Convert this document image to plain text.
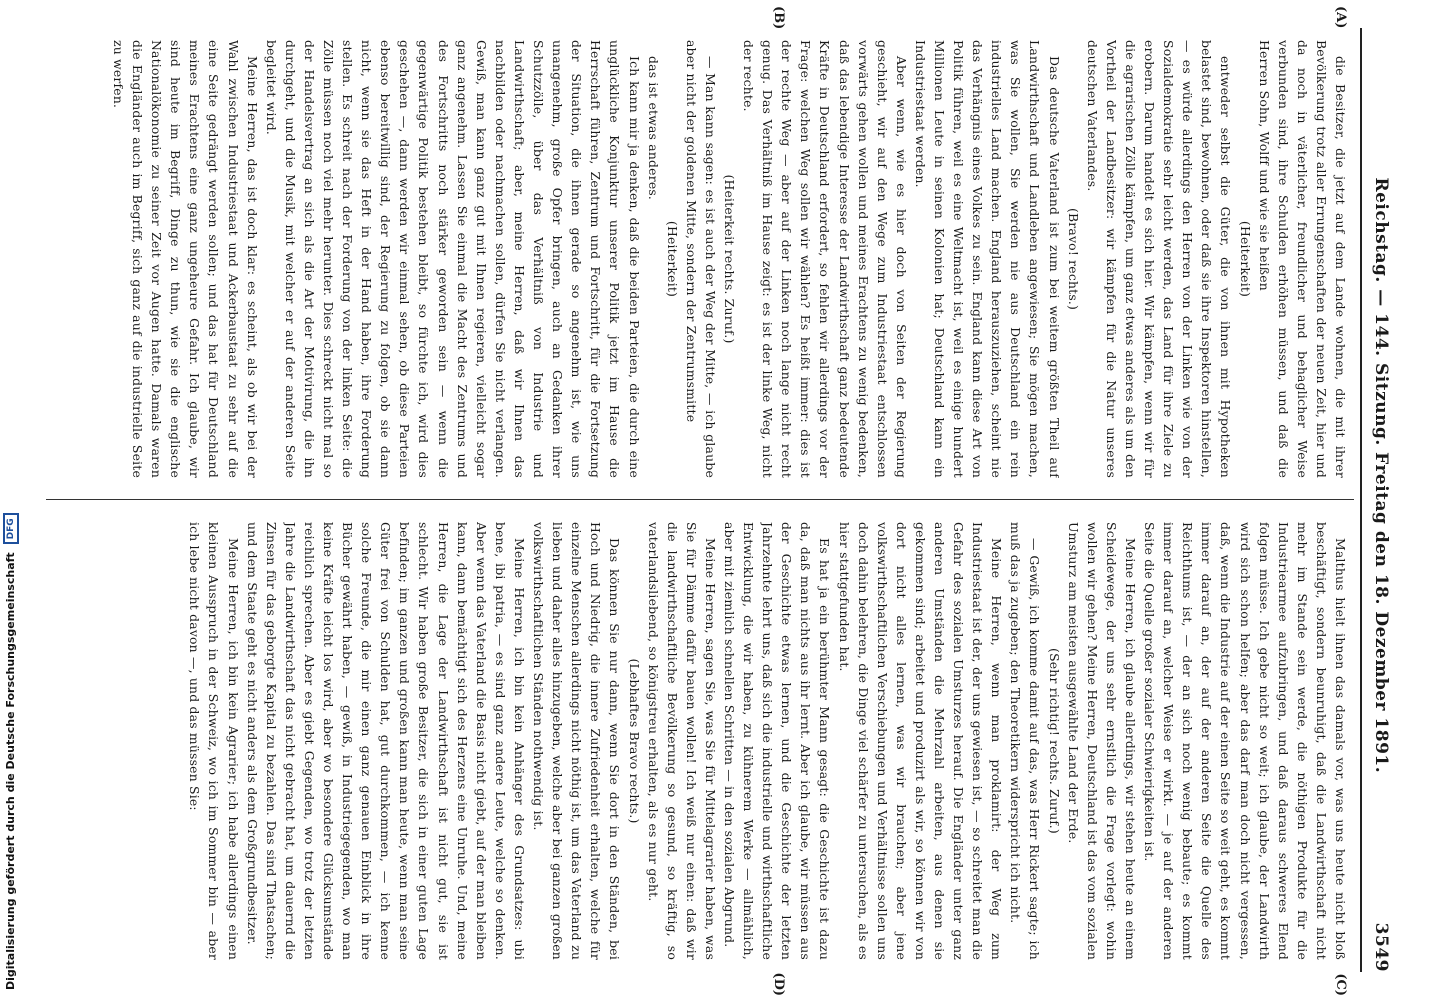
Reichstag. — 144. Sitzung. Freitag den 18. Dezember 1891.
3549
(A)
(B)
(C)
(D)

die Besitzer, die jetzt auf dem Lande wohnen, die mit ihrer Bevölkerung trotz aller Errungenschaften der neuen Zeit, hier und da noch in väterlicher, freundlicher und behaglicher Weise verbunden sind, ihre Schulden erhöhen müssen, und daß die Herren Sohn, Wolff und wie sie heißen

(Heiterkeit)

entweder selbst die Güter, die von ihnen mit Hypotheken belastet sind, bewohnen, oder daß sie ihre Inspektoren hinstellen, — es würde allerdings den Herren von der Linken wie von der Sozialdemokratie sehr leicht werden, das Land für ihre Ziele zu erobern. Darum handelt es sich hier. Wir kämpfen, wenn wir für die agrarischen Zölle kämpfen, um ganz etwas anderes als um den Vortheil der Landbesitzer: wir kämpfen für die Natur unseres deutschen Vaterlandes.

(Bravo! rechts.)

Das deutsche Vaterland ist zum bei weitem größten Theil auf Landwirthschaft und Landleben angewiesen; Sie mögen machen, was Sie wollen, Sie werden nie aus Deutschland ein rein industrielles Land machen. England herauszuziehen, scheint nie das Verhängnis eines Volkes zu sein. England kann diese Art von Politik führen, weil es eine Weltmacht ist, weil es einige hundert Millionen Leute in seinen Kolonien hat; Deutschland kann ein Industriestaat werden.

Aber wenn, wie es hier doch von Seiten der Regierung geschieht, wir auf den Wege zum Industriestaat entschlossen vorwärts gehen wollen und meines Erachtens zu wenig bedenken, daß das lebendige Interesse der Landwirthschaft ganz bedeutende Kräfte in Deutschland erfordert, so fehlen wir allerdings vor der Frage: welchen Weg sollen wir wählen? Es heißt immer: dies ist der rechte Weg — aber auf der Linken noch lange nicht recht genug. Das Verhältniß im Hause zeigt: es ist der linke Weg, nicht der rechte.

(Heiterkeit rechts. Zuruf.)

— Man kann sagen: es ist auch der Weg der Mitte, — ich glaube aber nicht der goldenen Mitte, sondern der Zentrumsmitte

(Heiterkeit)

das ist etwas anderes.

Ich kann mir ja denken, daß die beiden Parteien, die durch eine unglückliche Konjunktur unserer Politik jetzt im Hause die Herrschaft führen, Zentrum und Fortschritt, für die Fortsetzung der Situation, die ihnen gerade so angenehm ist, wie uns unangenehm, große Opfer bringen, auch an Gedanken ihrer Schutzzölle, über das Verhältniß von Industrie und Landwirthschaft; aber, meine Herren, daß wir Ihnen das nachbilden oder nachmachen sollen, dürfen Sie nicht verlangen. Gewiß, man kann ganz gut mit Ihnen regieren, vielleicht sogar ganz angenehm. Lassen Sie einmal die Macht des Zentrums und des Fortschritts noch stärker geworden sein — wenn die gegenwärtige Politik bestehen bleibt, so fürchte ich, wird dies geschehen —, dann werden wir einmal sehen, ob diese Parteien ebenso bereitwillig sind, der Regierung zu folgen, ob sie dann nicht, wenn sie das Heft in der Hand haben, ihre Forderung stellen. Es schreit nach der Forderung von der linken Seite: die Zölle müssen noch viel mehr herunter. Dies schreckt nicht mal so der Handelsvertrag an sich als die Art der Motivirung, die ihn durchgeht, und die Musik, mit welcher er auf der anderen Seite begleitet wird.

Meine Herren, das ist doch klar: es scheint, als ob wir bei der Wahl zwischen Industriestaat und Ackerbaustaat zu sehr auf die eine Seite gedrängt werden sollen; und das hat für Deutschland meines Erachtens eine ganz ungeheure Gefahr. Ich glaube, wir sind heute im Begriff, Dinge zu thun, wie sie die englische Nationalökonomie zu seiner Zeit vor Augen hatte. Damals waren die Engländer auch im Begriff, sich ganz auf die industrielle Seite zu werfen.

Malthus hielt ihnen das damals vor, was uns heute nicht bloß beschäftigt, sondern beunruhigt, daß die Landwirthschaft nicht mehr im Stande sein werde, die nöthigen Produkte für die Industriearmee aufzubringen, und daß daraus schweres Elend folgen müsse. Ich gebe nicht so weit; ich glaube, der Landwirth wird sich schon helfen; aber das darf man doch nicht vergessen, daß, wenn die Industrie auf der einen Seite so weit geht, es kommt immer darauf an, der auf der anderen Seite die Quelle des Reichthums ist, — der an sich noch wenig bebaute; es kommt immer darauf an, welcher Weise er wirkt. — je auf der anderen Seite die Quelle großer sozialer Schwierigkeiten ist.

Meine Herren, ich glaube allerdings, wir stehen heute an einem Scheidewege, der uns sehr ernstlich die Frage vorlegt: wohin wollen wir gehen? Meine Herren, Deutschland ist das vom sozialen Umsturz am meisten ausgewählte Land der Erde.

(Sehr richtig! rechts. Zuruf.)

— Gewiß, ich komme damit auf das, was Herr Rickert sagte; ich muß das ja zugeben; den Theoretikern widerspricht ich nicht.

Meine Herren, wenn man proklamirt: der Weg zum Industriestaat ist der, der uns gewiesen ist, — so schreitet man die Gefahr des sozialen Umsturzes herauf. Die Engländer unter ganz anderen Umständen die Mehrzahl arbeiten, aus denen sie gekommen sind; arbeitet und produzirt als wir, so können wir von dort nicht alles lernen, was wir brauchen; aber jene volkswirthschaftlichen Verschiebungen und Verhältnisse sollen uns doch dahin belehren, die Dinge viel schärfer zu untersuchen, als es hier stattgefunden hat.

Es hat ja ein berühmter Mann gesagt: die Geschichte ist dazu da, daß man nichts aus ihr lernt. Aber ich glaube, wir müssen aus der Geschichte etwas lernen, und die Geschichte der letzten Jahrzehnte lehrt uns, daß sich die industrielle und wirthschaftliche Entwicklung, die wir haben, zu kühnerem Werke — allmählich, aber mit ziemlich schnellen Schritten — in den sozialen Abgrund.

Meine Herren, sagen Sie, was Sie für Mittelagrarier haben, was Sie für Dämme dafür bauen wollen! Ich weiß nur einen: daß wir die landwirthschaftliche Bevölkerung so gesund, so kräftig, so vaterlandsliebend, so königstreu erhalten, als es nur geht.

(Lebhaftes Bravo rechts.)

Das können Sie nur dann, wenn Sie dort in den Ständen, bei Hoch und Niedrig, die innere Zufriedenheit erhalten, welche für einzelne Menschen allerdings nicht nöthig ist, um das Vaterland zu lieben und daher alles hinzugeben, welche aber bei ganzen großen volkswirthschaftlichen Ständen nothwendig ist.

Meine Herren, ich bin kein Anhänger des Grundsatzes: ubi bene, ibi patria, — es sind ganz andere Leute, welche so denken. Aber wenn das Vaterland die Basis nicht giebt, auf der man bleiben kann, dann bemächtigt sich des Herzens eine Unruhe. Und, meine Herren, die Lage der Landwirthschaft ist nicht gut, sie ist schlecht. Wir haben große Besitzer, die sich in einer guten Lage befinden; im ganzen und großen kann man heute, wenn man seine Güter frei von Schulden hat, gut durchkommen, — ich kenne solche Freunde, die mir einen ganz genauen Einblick in ihre Bücher gewährt haben, — gewiß, in Industriegegenden, wo man keine Kräfte leicht los wird, aber wo besondere Glücksumstände reichlich sprechen. Aber es giebt Gegenden, wo trotz der letzten Jahre die Landwirthschaft das nicht gebracht hat, um dauernd die Zinsen für das geborgte Kapital zu bezahlen. Das sind Thatsachen; und dem Staate geht es nicht anders als dem Großgrundbesitzer.

Meine Herren, ich bin kein Agrarier; ich habe allerdings einen kleinen Ausspruch in der Schweiz, wo ich im Sommer bin — aber ich lebe nicht davon —, und das müssen Sie:

Digitalisierung gefördert durch die Deutsche Forschungsgemeinschaft
DFG
